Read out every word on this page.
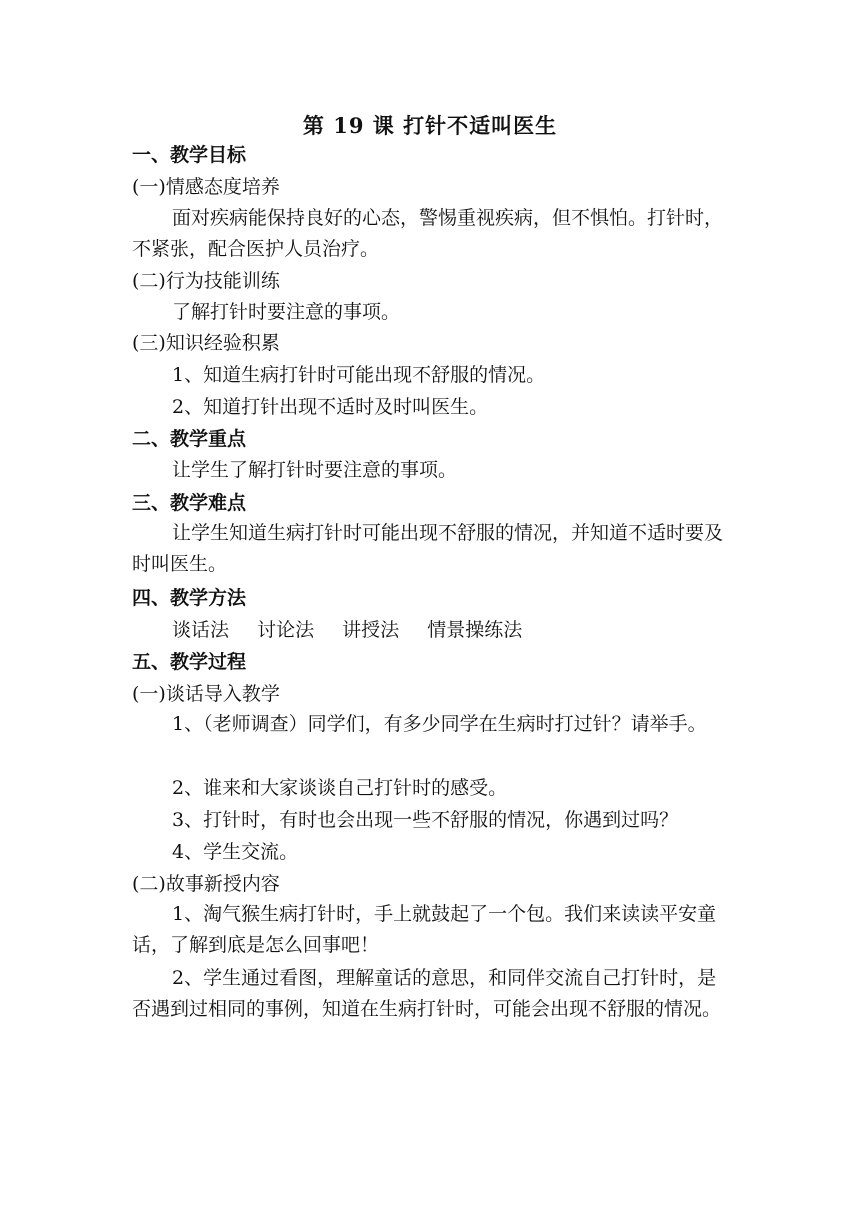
第 19 课 打针不适叫医生
一、教学目标
(一)情感态度培养
面对疾病能保持良好的心态，警惕重视疾病，但不惧怕。打针时，不紧张，配合医护人员治疗。
(二)行为技能训练
了解打针时要注意的事项。
(三)知识经验积累
1、知道生病打针时可能出现不舒服的情况。
2、知道打针出现不适时及时叫医生。
二、教学重点
让学生了解打针时要注意的事项。
三、教学难点
让学生知道生病打针时可能出现不舒服的情况，并知道不适时要及时叫医生。
四、教学方法
谈话法 讨论法 讲授法 情景操练法
五、教学过程
(一)谈话导入教学
1、（老师调查）同学们，有多少同学在生病时打过针？请举手。
2、谁来和大家谈谈自己打针时的感受。
3、打针时，有时也会出现一些不舒服的情况，你遇到过吗？
4、学生交流。
(二)故事新授内容
1、淘气猴生病打针时，手上就鼓起了一个包。我们来读读平安童话，了解到底是怎么回事吧！
2、学生通过看图，理解童话的意思，和同伴交流自己打针时，是否遇到过相同的事例，知道在生病打针时，可能会出现不舒服的情况。
